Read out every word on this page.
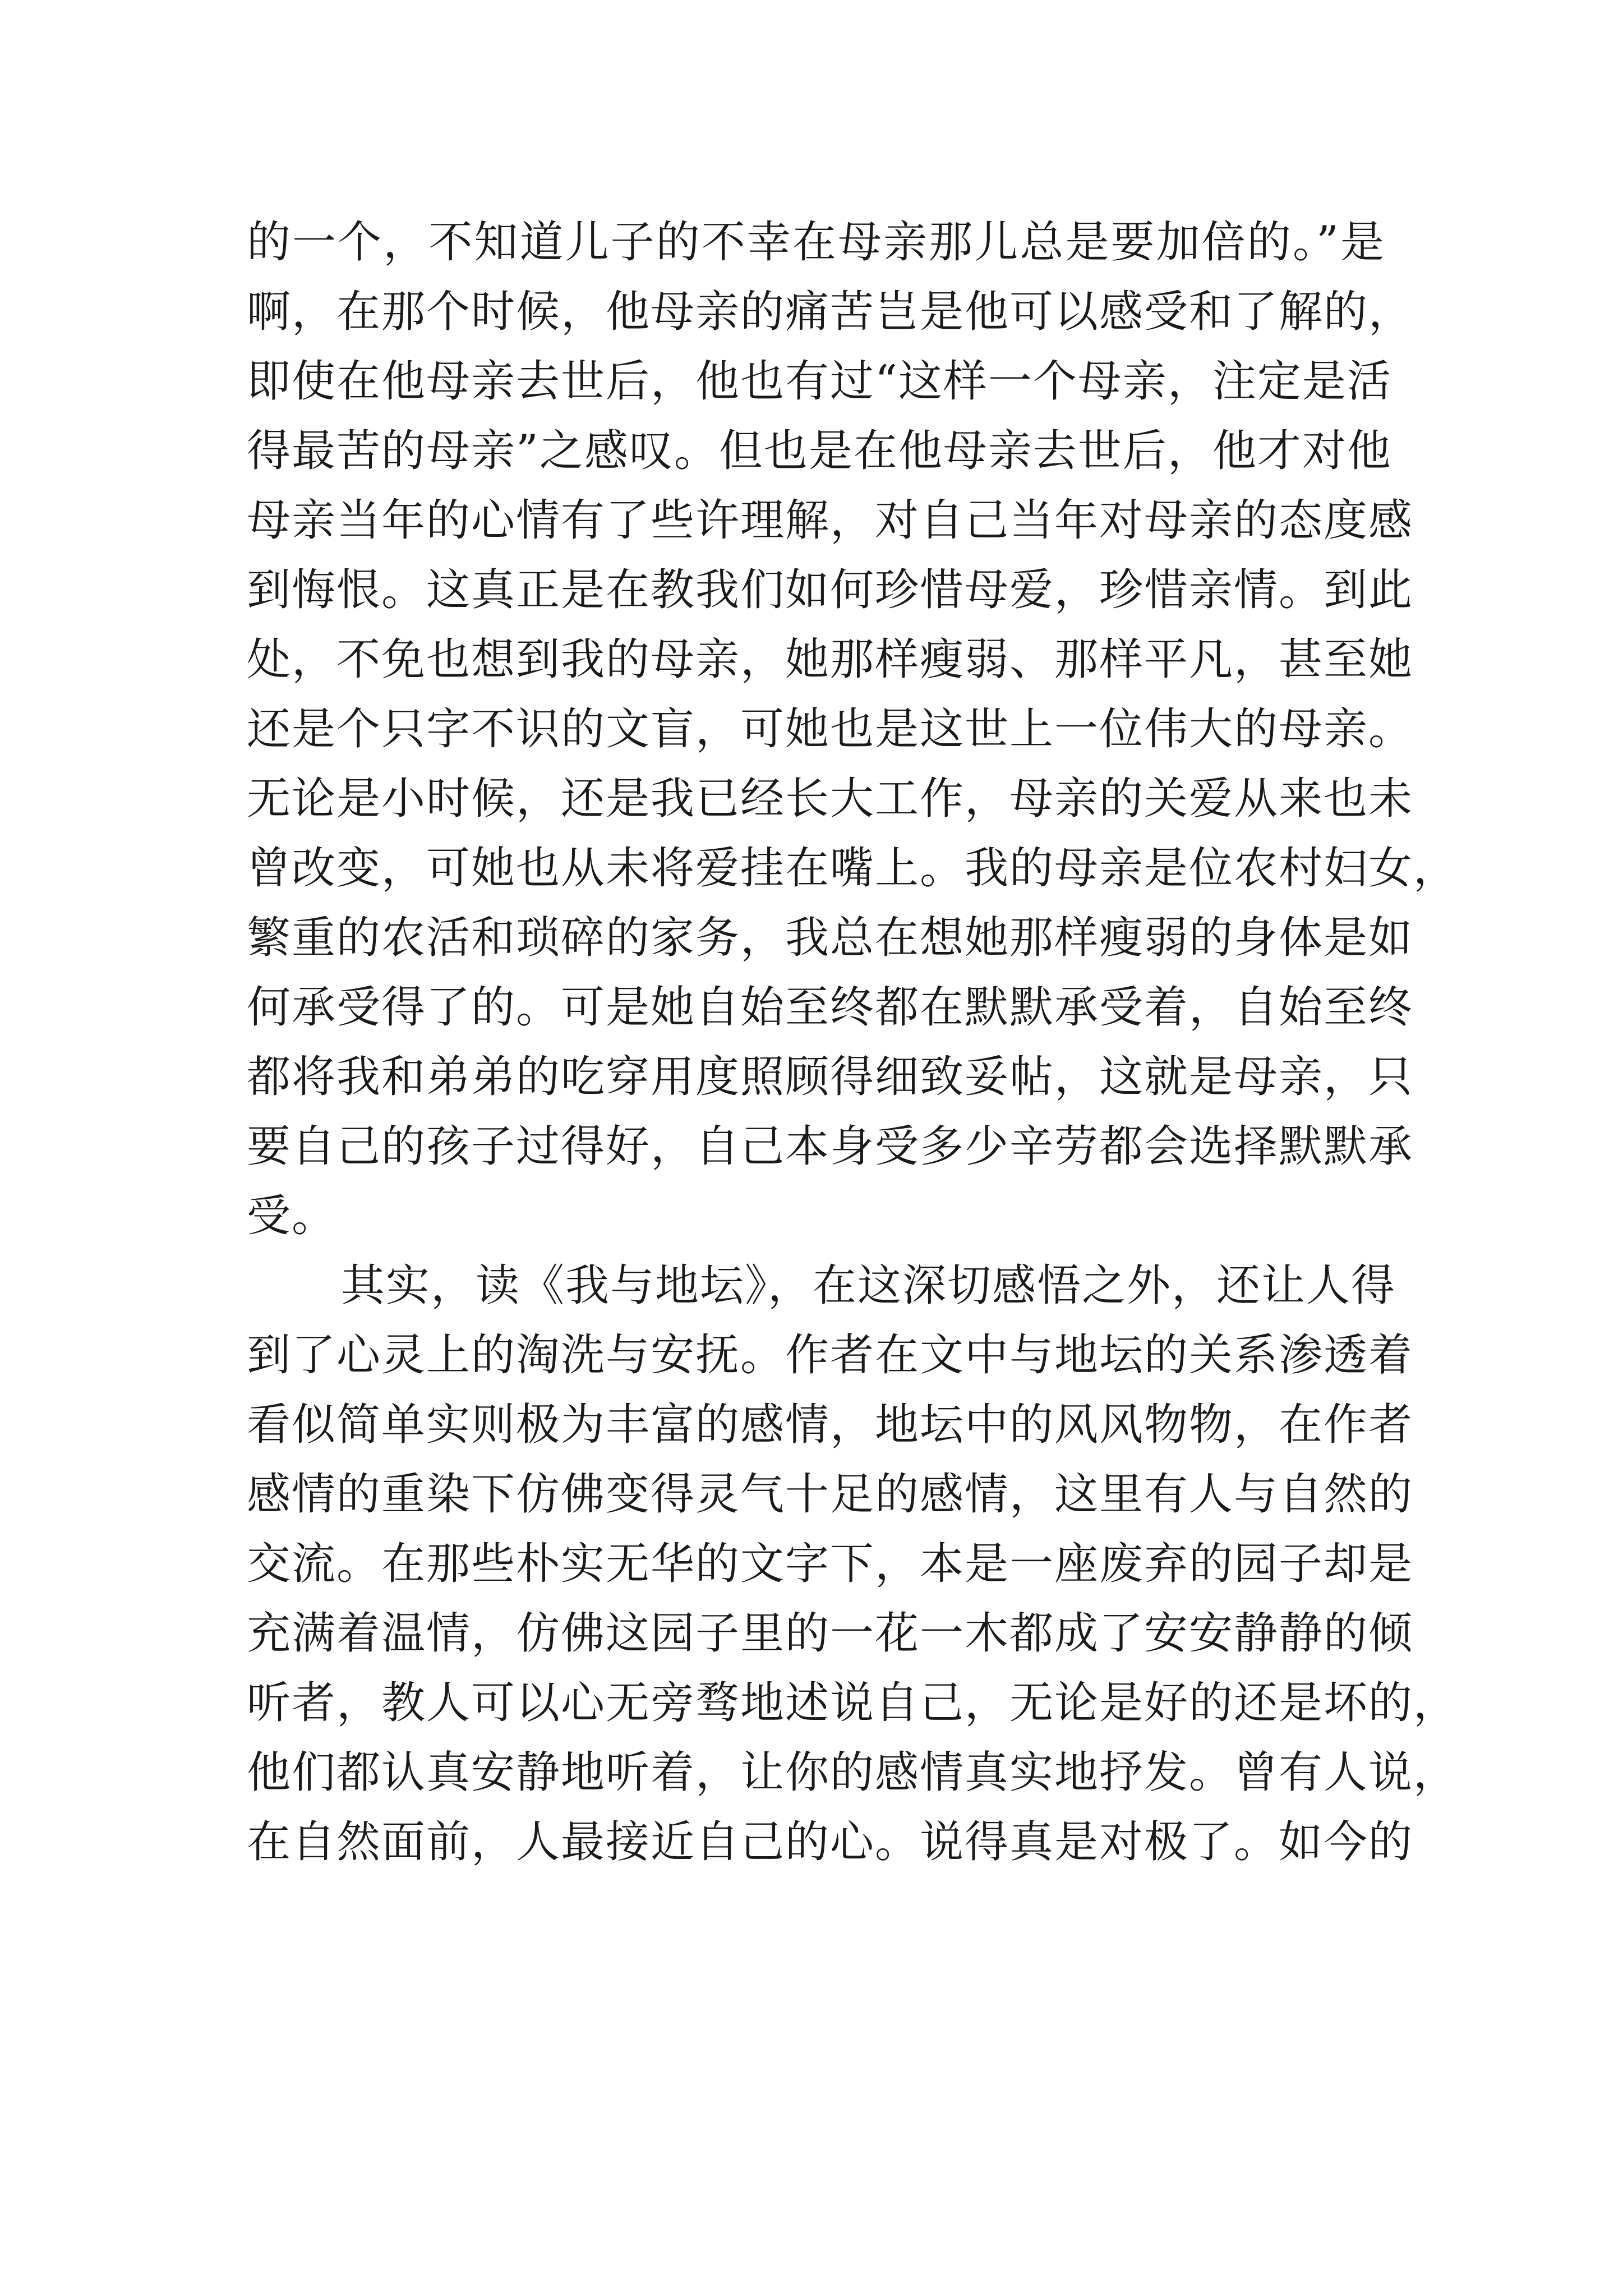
的一个，不知道儿子的不幸在母亲那儿总是要加倍的。”是
啊，在那个时候，他母亲的痛苦岂是他可以感受和了解的，
即使在他母亲去世后，他也有过“这样一个母亲，注定是活
得最苦的母亲”之感叹。但也是在他母亲去世后，他才对他
母亲当年的心情有了些许理解，对自己当年对母亲的态度感
到悔恨。这真正是在教我们如何珍惜母爱，珍惜亲情。到此
处，不免也想到我的母亲，她那样瘦弱、那样平凡，甚至她
还是个只字不识的文盲，可她也是这世上一位伟大的母亲。
无论是小时候，还是我已经长大工作，母亲的关爱从来也未
曾改变，可她也从未将爱挂在嘴上。我的母亲是位农村妇女，
繁重的农活和琐碎的家务，我总在想她那样瘦弱的身体是如
何承受得了的。可是她自始至终都在默默承受着，自始至终
都将我和弟弟的吃穿用度照顾得细致妥帖，这就是母亲，只
要自己的孩子过得好，自己本身受多少辛劳都会选择默默承
受。
其实，读《我与地坛》，在这深切感悟之外，还让人得
到了心灵上的淘洗与安抚。作者在文中与地坛的关系渗透着
看似简单实则极为丰富的感情，地坛中的风风物物，在作者
感情的重染下仿佛变得灵气十足的感情，这里有人与自然的
交流。在那些朴实无华的文字下，本是一座废弃的园子却是
充满着温情，仿佛这园子里的一花一木都成了安安静静的倾
听者，教人可以心无旁骛地述说自己，无论是好的还是坏的，
他们都认真安静地听着，让你的感情真实地抒发。曾有人说，
在自然面前，人最接近自己的心。说得真是对极了。如今的
